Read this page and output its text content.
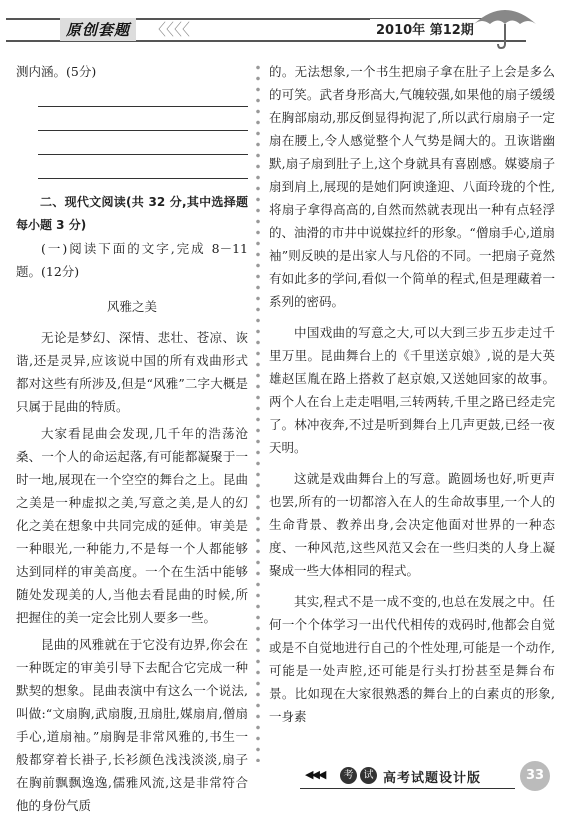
原创套题	〈〈〈〈	2010年 第12期

测内涵。(5分)

二、现代文阅读(共 32 分,其中选择题每小题 3 分)

(一)阅读下面的文字,完成 8－11 题。(12分)

风雅之美

无论是梦幻、深情、悲壮、苍凉、诙谐,还是灵异,应该说中国的所有戏曲形式都对这些有所涉及,但是“风雅”二字大概是只属于昆曲的特质。

大家看昆曲会发现,几千年的浩荡沧桑、一个人的命运起落,有可能都凝聚于一时一地,展现在一个空空的舞台之上。昆曲之美是一种虚拟之美,写意之美,是人的幻化之美在想象中共同完成的延伸。审美是一种眼光,一种能力,不是每一个人都能够达到同样的审美高度。一个在生活中能够随处发现美的人,当他去看昆曲的时候,所把握住的美一定会比别人要多一些。

昆曲的风雅就在于它没有边界,你会在一种既定的审美引导下去配合它完成一种默契的想象。昆曲表演中有这么一个说法,叫做:“文扇胸,武扇腹,丑扇肚,媒扇肩,僧扇手心,道扇袖。”扇胸是非常风雅的,书生一般都穿着长褂子,长衫颜色浅浅淡淡,扇子在胸前飘飘逸逸,儒雅风流,这是非常符合他的身份气质

的。无法想象,一个书生把扇子拿在肚子上会是多么的可笑。武者身形高大,气魄较强,如果他的扇子缓缓在胸部扇动,那反倒显得拘泥了,所以武行扇扇子一定扇在腰上,令人感觉整个人气势是阔大的。丑诙谐幽默,扇子扇到肚子上,这个身就具有喜剧感。媒婆扇子扇到肩上,展现的是她们阿谀逢迎、八面玲珑的个性,将扇子拿得高高的,自然而然就表现出一种有点轻浮的、油滑的市井中说媒拉纤的形象。“僧扇手心,道扇袖”则反映的是出家人与凡俗的不同。一把扇子竟然有如此多的学问,看似一个简单的程式,但是理藏着一系列的密码。

中国戏曲的写意之大,可以大到三步五步走过千里万里。昆曲舞台上的《千里送京娘》,说的是大英雄赵匡胤在路上搭救了赵京娘,又送她回家的故事。两个人在台上走走唱唱,三转两转,千里之路已经走完了。林冲夜奔,不过是听到舞台上几声更鼓,已经一夜天明。

这就是戏曲舞台上的写意。跪圆场也好,听更声也罢,所有的一切都溶入在人的生命故事里,一个人的生命背景、教养出身,会决定他面对世界的一种态度、一种风范,这些风范又会在一些归类的人身上凝聚成一些大体相同的程式。

其实,程式不是一成不变的,也总在发展之中。任何一个个体学习一出代代相传的戏码时,他都会自觉或是不自觉地进行自己的个性处理,可能是一个动作,可能是一处声腔,还可能是行头打扮甚至是舞台布景。比如现在大家很熟悉的舞台上的白素贞的形象,一身素

◀◀◀	考	试 高考试题设计版	33
